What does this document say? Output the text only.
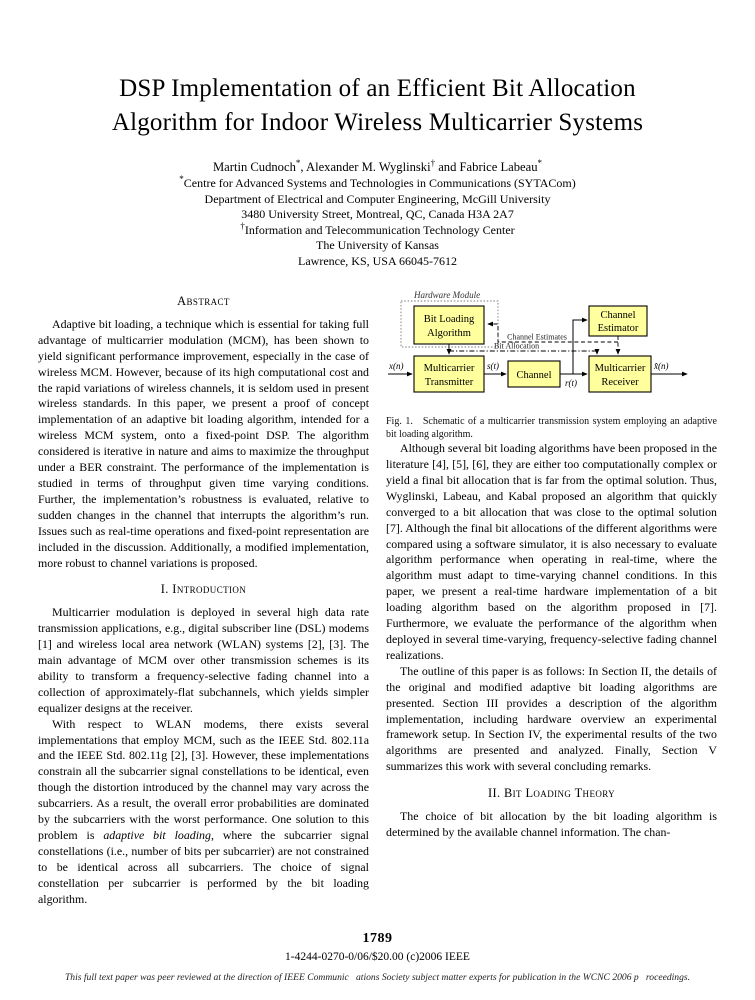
DSP Implementation of an Efficient Bit Allocation
Algorithm for Indoor Wireless Multicarrier Systems
Martin Cudnoch*, Alexander M. Wyglinski† and Fabrice Labeau*
*Centre for Advanced Systems and Technologies in Communications (SYTACom)
Department of Electrical and Computer Engineering, McGill University
3480 University Street, Montreal, QC, Canada H3A 2A7
†Information and Telecommunication Technology Center
The University of Kansas
Lawrence, KS, USA 66045-7612
Abstract

Adaptive bit loading, a technique which is essential for taking full advantage of multicarrier modulation (MCM), has been shown to yield significant performance improvement, especially in the case of wireless MCM. However, because of its high computational cost and the rapid variations of wireless channels, it is seldom used in present wireless standards. In this paper, we present a proof of concept implementation of an adaptive bit loading algorithm, intended for a wireless MCM system, onto a fixed-point DSP. The algorithm considered is iterative in nature and aims to maximize the throughput under a BER constraint. The performance of the implementation is studied in terms of throughput given time varying conditions. Further, the implementation’s robustness is evaluated, relative to sudden changes in the channel that interrupts the algorithm’s run. Issues such as real-time operations and fixed-point representation are included in the discussion. Additionally, a modified implementation, more robust to channel variations is proposed.

I. Introduction

Multicarrier modulation is deployed in several high data rate transmission applications, e.g., digital subscriber line (DSL) modems [1] and wireless local area network (WLAN) systems [2], [3]. The main advantage of MCM over other transmission schemes is its ability to transform a frequency-selective fading channel into a collection of approximately-flat subchannels, which yields simpler equalizer designs at the receiver.

With respect to WLAN modems, there exists several implementations that employ MCM, such as the IEEE Std. 802.11a and the IEEE Std. 802.11g [2], [3]. However, these implementations constrain all the subcarrier signal constellations to be identical, even though the distortion introduced by the channel may vary across the subcarriers. As a result, the overall error probabilities are dominated by the subcarriers with the worst performance. One solution to this problem is adaptive bit loading, where the subcarrier signal constellations (i.e., number of bits per subcarrier) are not constrained to be identical across all subcarriers. The choice of signal constellation per subcarrier is performed by the bit loading algorithm.

Hardware Module
Channel Estimates
Bit Allocation
Bit Loading
Algorithm
Channel
Estimator
Multicarrier
Transmitter
Channel
Multicarrier
Receiver
x(n)	s(t)
r(t)
x̂(n)
Fig. 1. Schematic of a multicarrier transmission system employing an adaptive bit loading algorithm.

Although several bit loading algorithms have been proposed in the literature [4], [5], [6], they are either too computationally complex or yield a final bit allocation that is far from the optimal solution. Thus, Wyglinski, Labeau, and Kabal proposed an algorithm that quickly converged to a bit allocation that was close to the optimal solution [7]. Although the final bit allocations of the different algorithms were compared using a software simulator, it is also necessary to evaluate algorithm performance when operating in real-time, where the algorithm must adapt to time-varying channel conditions. In this paper, we present a real-time hardware implementation of a bit loading algorithm based on the algorithm proposed in [7]. Furthermore, we evaluate the performance of the algorithm when deployed in several time-varying, frequency-selective fading channel realizations.

The outline of this paper is as follows: In Section II, the details of the original and modified adaptive bit loading algorithms are presented. Section III provides a description of the algorithm implementation, including hardware overview an experimental framework setup. In Section IV, the experimental results of the two algorithms are presented and analyzed. Finally, Section V summarizes this work with several concluding remarks.

II. Bit Loading Theory

The choice of bit allocation by the bit loading algorithm is determined by the available channel information. The chan-

1789
1-4244-0270-0/06/$20.00 (c)2006 IEEE
This full text paper was peer reviewed at the direction of IEEE Communic   ations Society subject matter experts for publication in the WCNC 2006 p   roceedings.
